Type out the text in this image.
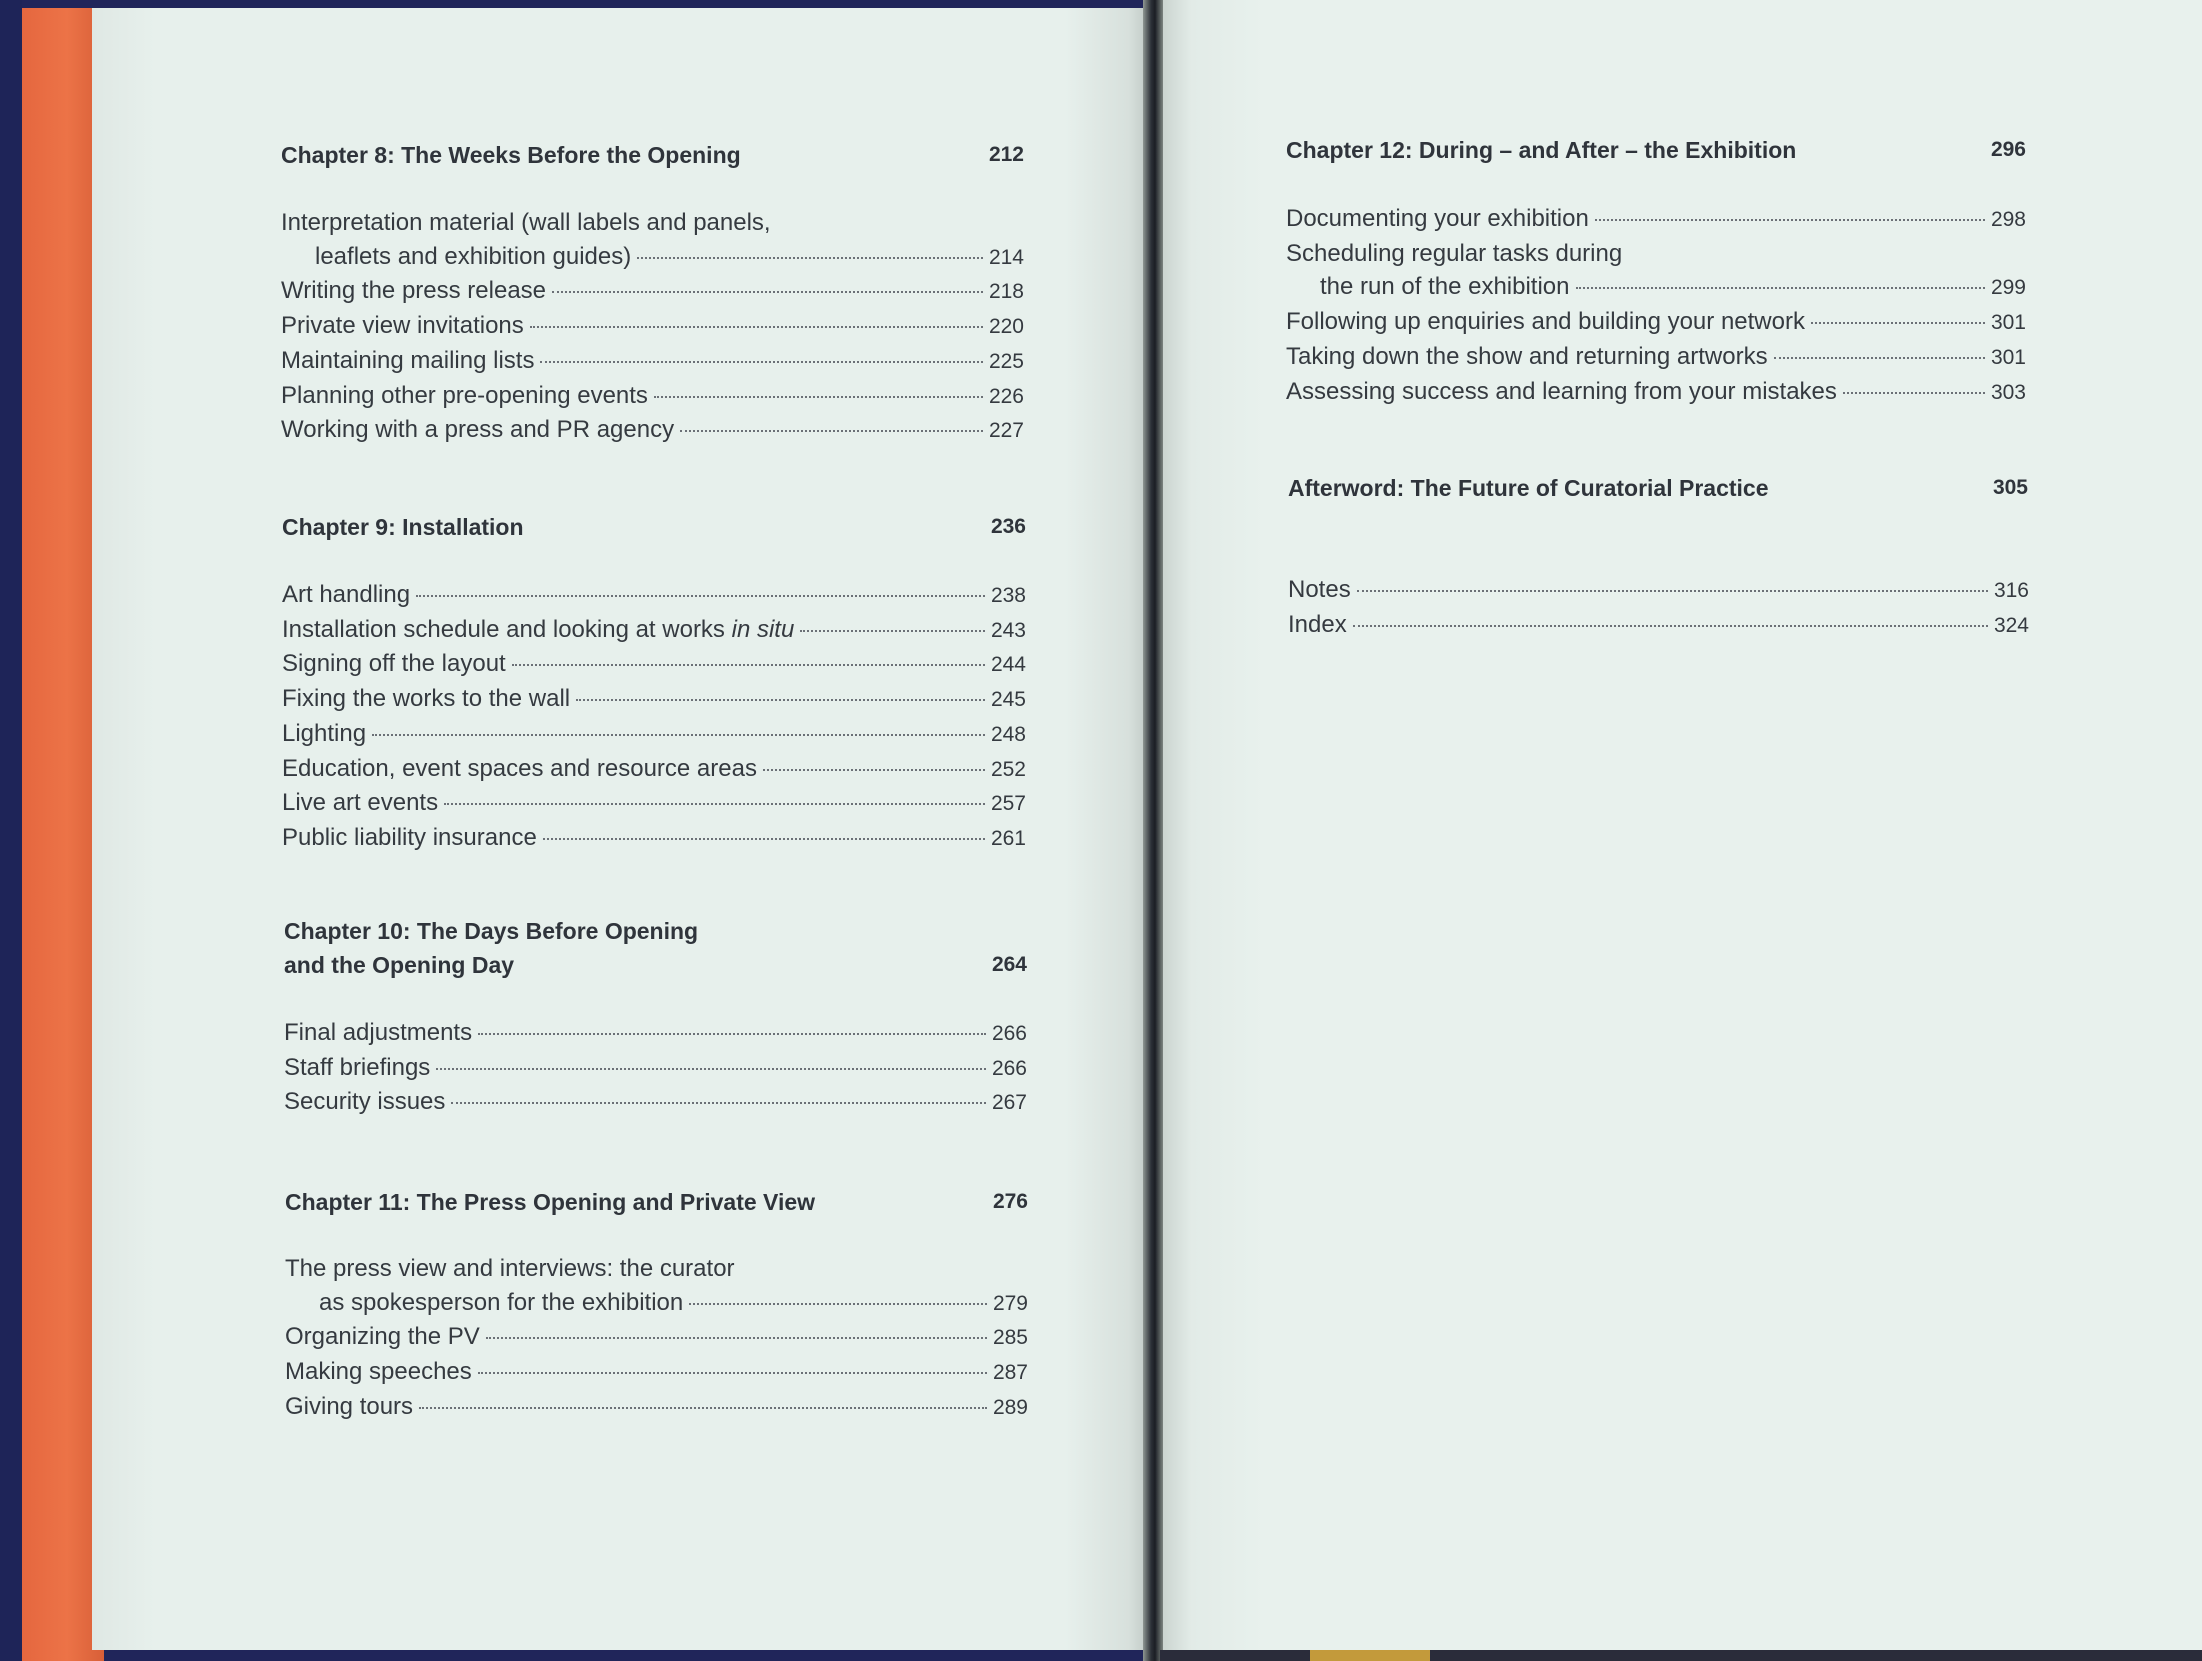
Chapter 8: The Weeks Before the Opening	212
Interpretation material (wall labels and panels,
leaflets and exhibition guides)	214
Writing the press release	218
Private view invitations	220
Maintaining mailing lists	225
Planning other pre-opening events	226
Working with a press and PR agency	227
Chapter 9: Installation	236
Art handling	238
Installation schedule and looking at works in situ	243
Signing off the layout	244
Fixing the works to the wall	245
Lighting	248
Education, event spaces and resource areas	252
Live art events	257
Public liability insurance	261
Chapter 10: The Days Before Opening
and the Opening Day	264
Final adjustments	266
Staff briefings	266
Security issues	267
Chapter 11: The Press Opening and Private View	276
The press view and interviews: the curator
as spokesperson for the exhibition	279
Organizing the PV	285
Making speeches	287
Giving tours	289
Chapter 12: During – and After – the Exhibition	296
Documenting your exhibition	298
Scheduling regular tasks during
the run of the exhibition	299
Following up enquiries and building your network	301
Taking down the show and returning artworks	301
Assessing success and learning from your mistakes	303
Afterword: The Future of Curatorial Practice	305
Notes	316
Index	324
